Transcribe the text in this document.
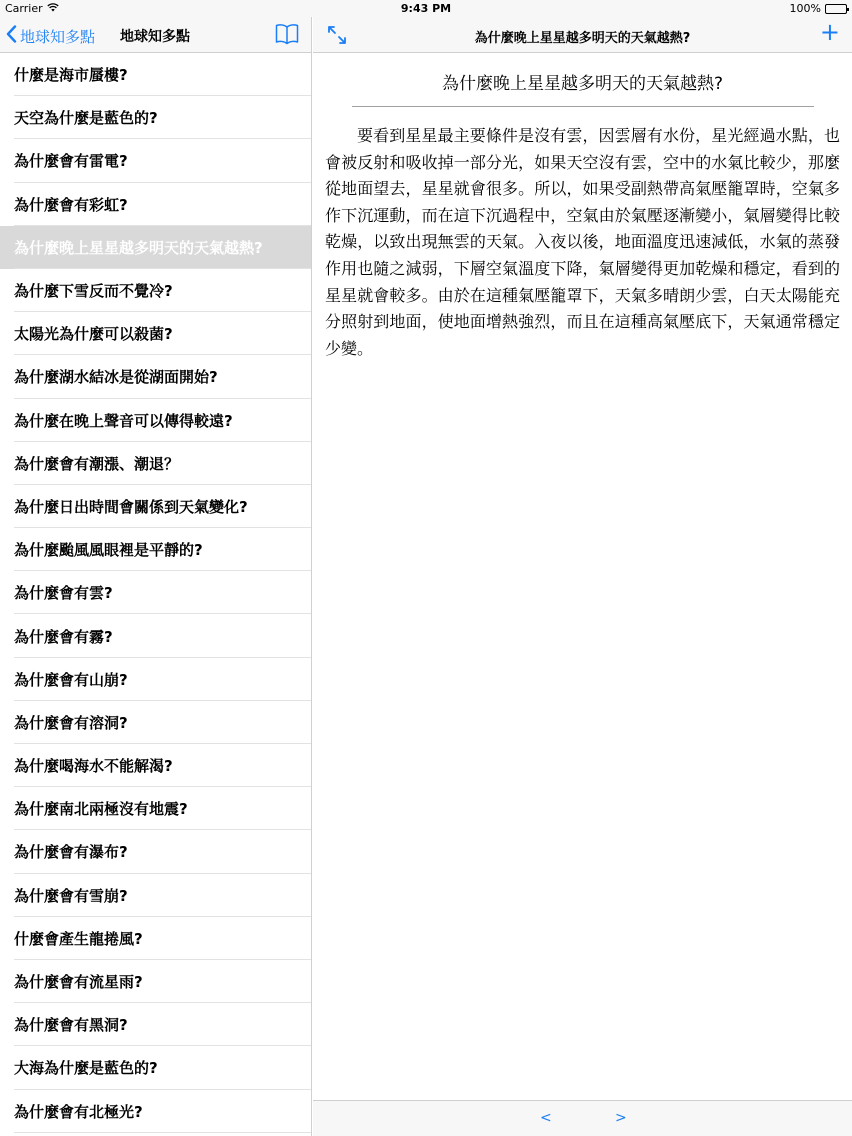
Carrier	9:43 PM	100%
地球知多點 地球知多點
什麼是海市蜃樓?
天空為什麼是藍色的?
為什麼會有雷電?
為什麼會有彩虹?
為什麼晚上星星越多明天的天氣越熱?
為什麼下雪反而不覺冷?
太陽光為什麼可以殺菌?
為什麼湖水結冰是從湖面開始?
為什麼在晚上聲音可以傳得較遠?
為什麼會有潮漲、潮退？
為什麼日出時間會關係到天氣變化?
為什麼颱風風眼裡是平靜的?
為什麼會有雲?
為什麼會有霧?
為什麼會有山崩?
為什麼會有溶洞?
為什麼喝海水不能解渴?
為什麼南北兩極沒有地震?
為什麼會有瀑布?
為什麼會有雪崩?
什麼會產生龍捲風?
為什麼會有流星雨?
為什麼會有黑洞?
大海為什麼是藍色的?
為什麼會有北極光?
為什麼晚上星星越多明天的天氣越熱?	+
為什麼晚上星星越多明天的天氣越熱?

要看到星星最主要條件是沒有雲，因雲層有水份，星光經過水點，也會被反射和吸收掉一部分光，如果天空沒有雲，空中的水氣比較少，那麼從地面望去，星星就會很多。所以，如果受副熱帶高氣壓籠罩時，空氣多作下沉運動，而在這下沉過程中，空氣由於氣壓逐漸變小，氣層變得比較乾燥，以致出現無雲的天氣。入夜以後，地面溫度迅速減低，水氣的蒸發作用也隨之減弱，下層空氣溫度下降，氣層變得更加乾燥和穩定，看到的星星就會較多。由於在這種氣壓籠罩下，天氣多晴朗少雲，白天太陽能充分照射到地面，使地面增熱強烈，而且在這種高氣壓底下，天氣通常穩定少變。

<	>
